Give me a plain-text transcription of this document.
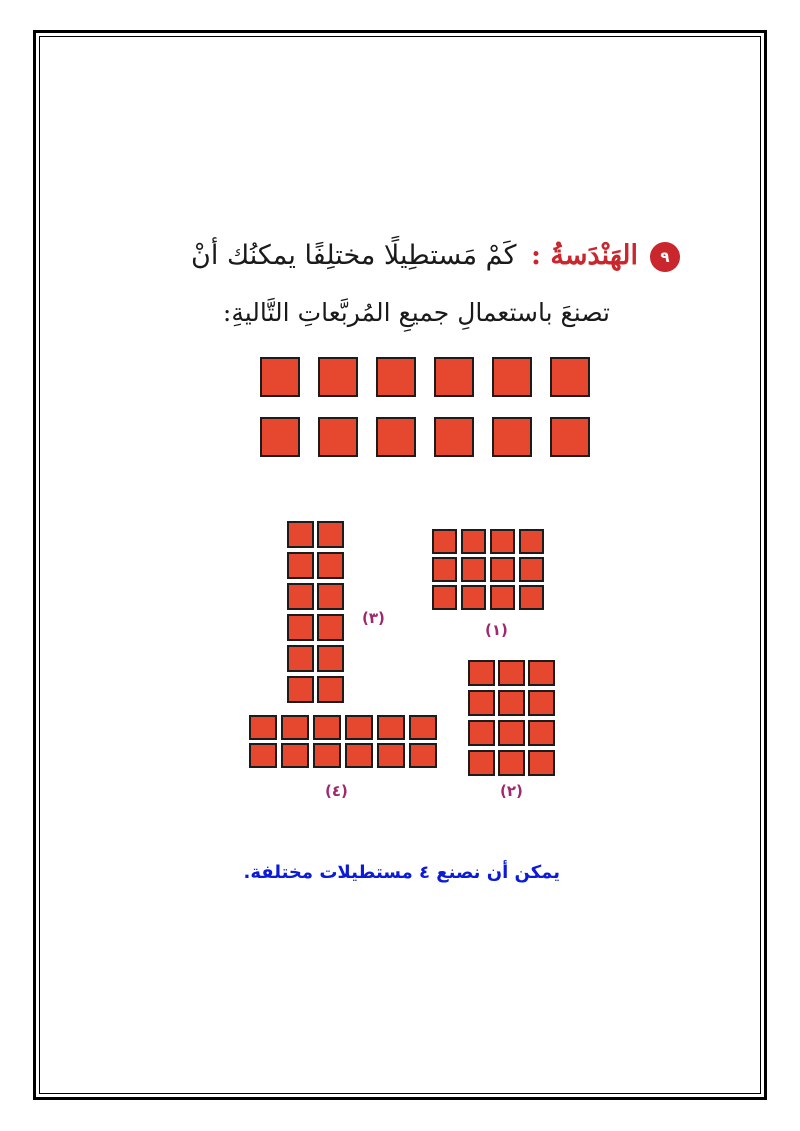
٩الهَنْدَسةُ : كَمْ مَستطِيلًا مختلِفًا يمكنُك أنْ
تصنعَ باستعمالِ جميعِ المُربَّعاتِ التَّاليةِ:
(١)
(٢)
(٣)
(٤)
يمكن أن نصنع ٤ مستطيلات مختلفة.
